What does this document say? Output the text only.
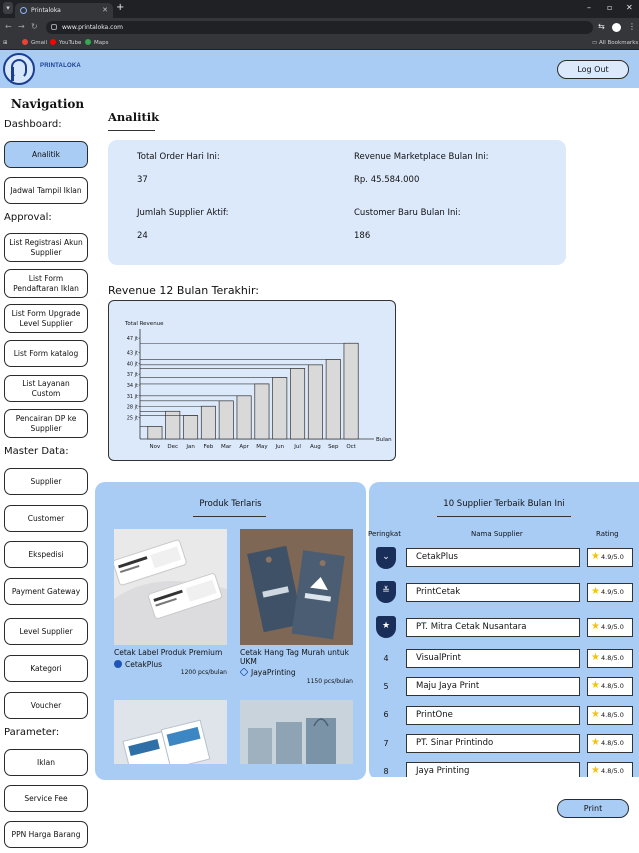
▾	Printaloka	✕ +	– ▫ ✕
← → ↻	www.printaloka.com	⇆	⋮
⊞	Gmail	YouTube	Maps	▭ All Bookmarks
PRINTALOKA	Log Out
Navigation
Dashboard:
Analitik
Jadwal Tampil Iklan
Approval:
List Registrasi Akun Supplier
List Form Pendaftaran Iklan
List Form Upgrade Level Supplier
List Form katalog
List Layanan Custom
Pencairan DP ke Supplier
Master Data:
Supplier
Customer
Ekspedisi
Payment Gateway
Level Supplier
Kategori
Voucher
Parameter:
Iklan
Service Fee
PPN Harga Barang
Analitik
Total Order Hari Ini:
37
Revenue Marketplace Bulan Ini:
Rp. 45.584.000
Jumlah Supplier Aktif:
24
Customer Baru Bulan Ini:
186
Revenue 12 Bulan Terakhir:
Total Revenue
25 jt
28 jt
31 jt
34 jt
37 jt
40 jt
43 jt
47 jt
Nov Dec Jan Feb Mar Apr May Jun Jul Aug Sep Oct
Bulan
Produk Terlaris
Cetak Label Produk Premium
CetakPlus
1200 pcs/bulan
Cetak Hang Tag Murah untuk UKM
JayaPrinting
1150 pcs/bulan
10 Supplier Terbaik Bulan Ini
Peringkat	Nama Supplier	Rating
⌄	CetakPlus	★ 4.9/5.0
≚	PrintCetak	★ 4.9/5.0
★	PT. Mitra Cetak Nusantara	★ 4.9/5.0
4	VisualPrint	★ 4.8/5.0
5	Maju Jaya Print	★ 4.8/5.0
6	PrintOne	★ 4.8/5.0
7	PT. Sinar Printindo	★ 4.8/5.0
8	Jaya Printing	★ 4.8/5.0
Print
